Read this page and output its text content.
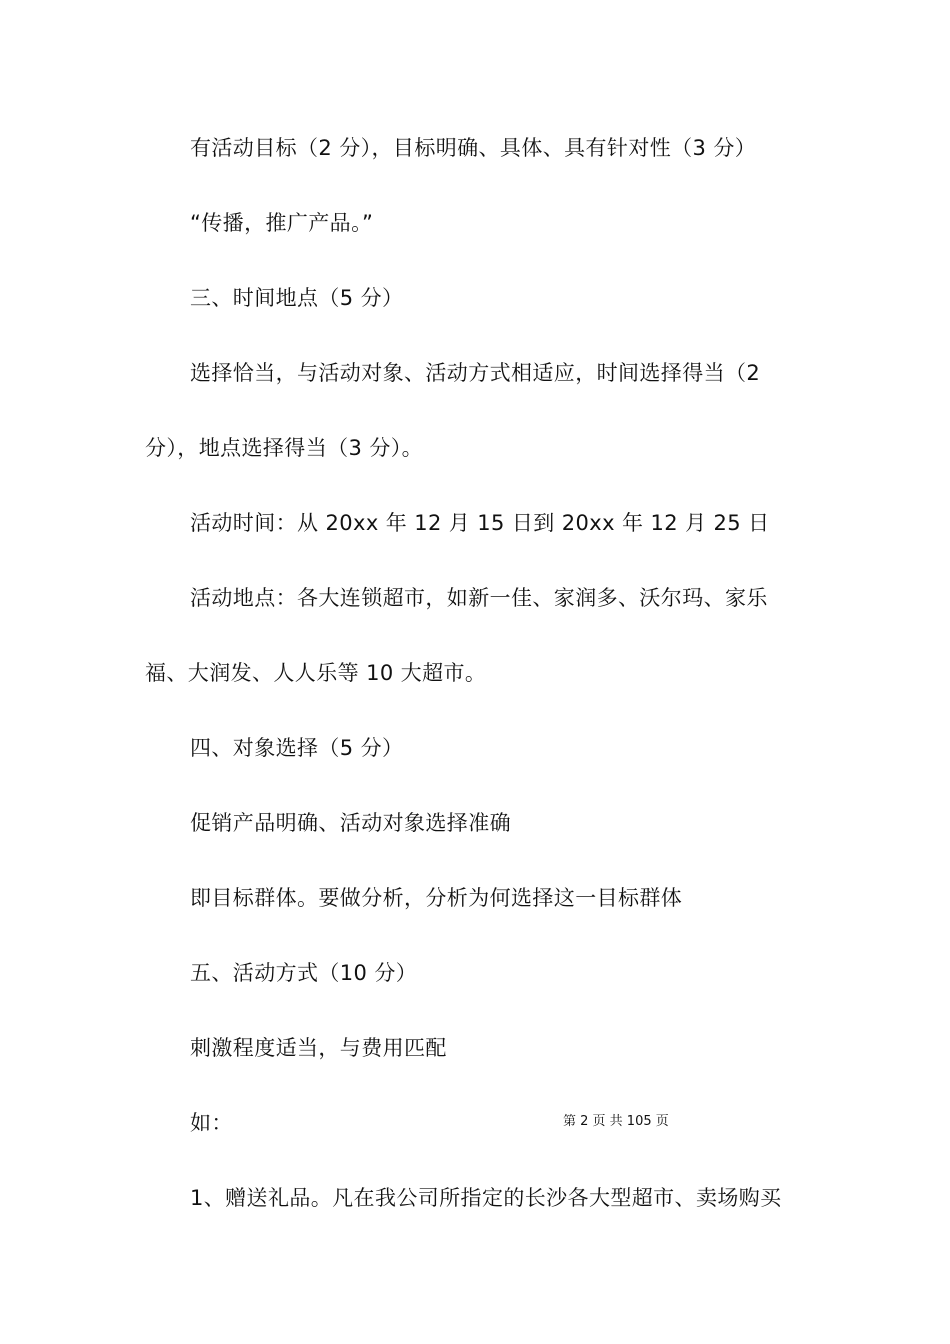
有活动目标（2 分），目标明确、具体、具有针对性（3 分）
“传播，推广产品。”
三、时间地点（5 分）
选择恰当，与活动对象、活动方式相适应，时间选择得当（2
分），地点选择得当（3 分）。
活动时间：从 20xx 年 12 月 15 日到 20xx 年 12 月 25 日
活动地点：各大连锁超市，如新一佳、家润多、沃尔玛、家乐
福、大润发、人人乐等 10 大超市。
四、对象选择（5 分）
促销产品明确、活动对象选择准确
即目标群体。要做分析，分析为何选择这一目标群体
五、活动方式（10 分）
刺激程度适当，与费用匹配
如：
1、赠送礼品。凡在我公司所指定的长沙各大型超市、卖场购买
第 2 页 共 105 页
